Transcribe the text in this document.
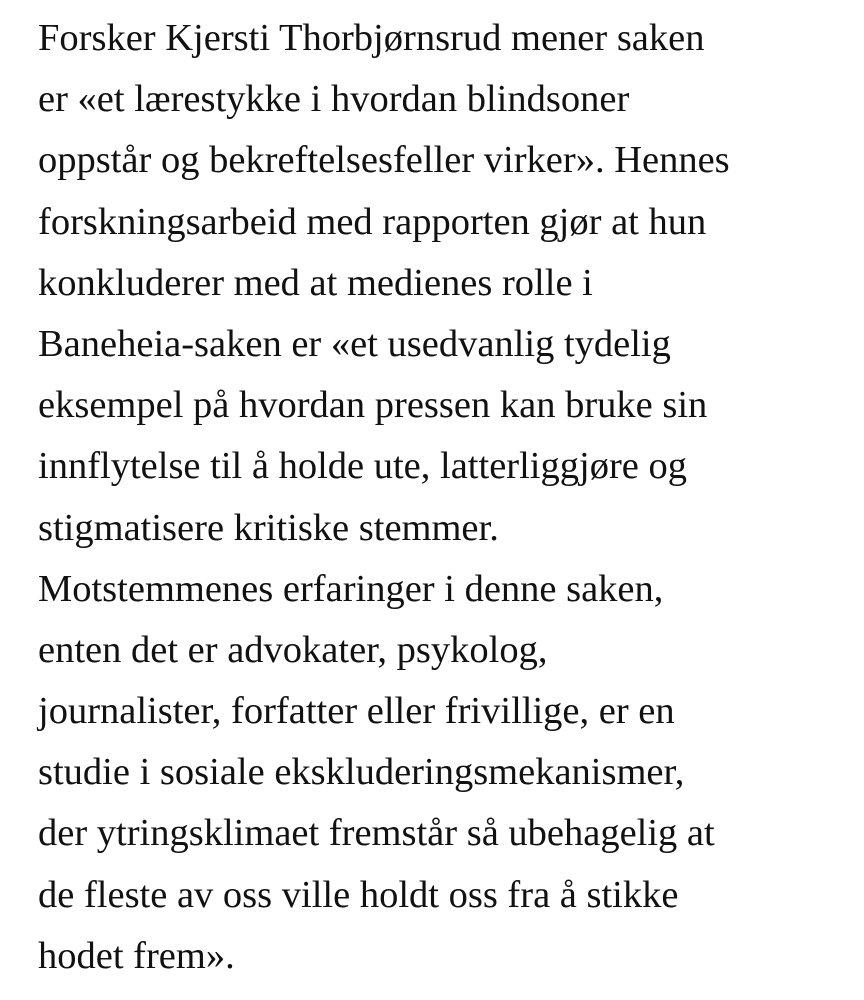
Forsker Kjersti Thorbjørnsrud mener saken
er «et lærestykke i hvordan blindsoner
oppstår og bekreftelsesfeller virker». Hennes
forskningsarbeid med rapporten gjør at hun
konkluderer med at medienes rolle i
Baneheia-saken er «et usedvanlig tydelig
eksempel på hvordan pressen kan bruke sin
innflytelse til å holde ute, latterliggjøre og
stigmatisere kritiske stemmer.
Motstemmenes erfaringer i denne saken,
enten det er advokater, psykolog,
journalister, forfatter eller frivillige, er en
studie i sosiale ekskluderingsmekanismer,
der ytringsklimaet fremstår så ubehagelig at
de fleste av oss ville holdt oss fra å stikke
hodet frem».
